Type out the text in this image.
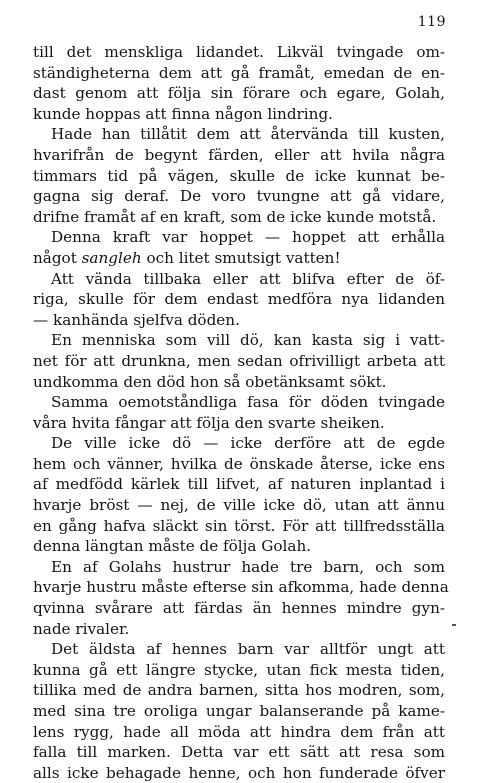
119
till det menskliga lidandet. Likväl tvingade om-
ständigheterna dem att gå framåt, emedan de en-
dast genom att följa sin förare och egare, Golah,
kunde hoppas att finna någon lindring.
Hade han tillåtit dem att återvända till kusten,
hvarifrån de begynt färden, eller att hvila några
timmars tid på vägen, skulle de icke kunnat be-
gagna sig deraf. De voro tvungne att gå vidare,
drifne framåt af en kraft, som de icke kunde motstå.
Denna kraft var hoppet — hoppet att erhålla
något sangleh och litet smutsigt vatten!
Att vända tillbaka eller att blifva efter de öf-
riga, skulle för dem endast medföra nya lidanden
— kanhända sjelfva döden.
En menniska som vill dö, kan kasta sig i vatt-
net för att drunkna, men sedan ofrivilligt arbeta att
undkomma den död hon så obetänksamt sökt.
Samma oemotståndliga fasa för döden tvingade
våra hvita fångar att följa den svarte sheiken.
De ville icke dö — icke derföre att de egde
hem och vänner, hvilka de önskade återse, icke ens
af medfödd kärlek till lifvet, af naturen inplantad i
hvarje bröst — nej, de ville icke dö, utan att ännu
en gång hafva släckt sin törst. För att tillfredsställa
denna längtan måste de följa Golah.
En af Golahs hustrur hade tre barn, och som
hvarje hustru måste efterse sin afkomma, hade denna
qvinna svårare att färdas än hennes mindre gyn-
nade rivaler.
Det äldsta af hennes barn var alltför ungt att
kunna gå ett längre stycke, utan fick mesta tiden,
tillika med de andra barnen, sitta hos modren, som,
med sina tre oroliga ungar balanserande på kame-
lens rygg, hade all möda att hindra dem från att
falla till marken. Detta var ett sätt att resa som
alls icke behagade henne, och hon funderade öfver
